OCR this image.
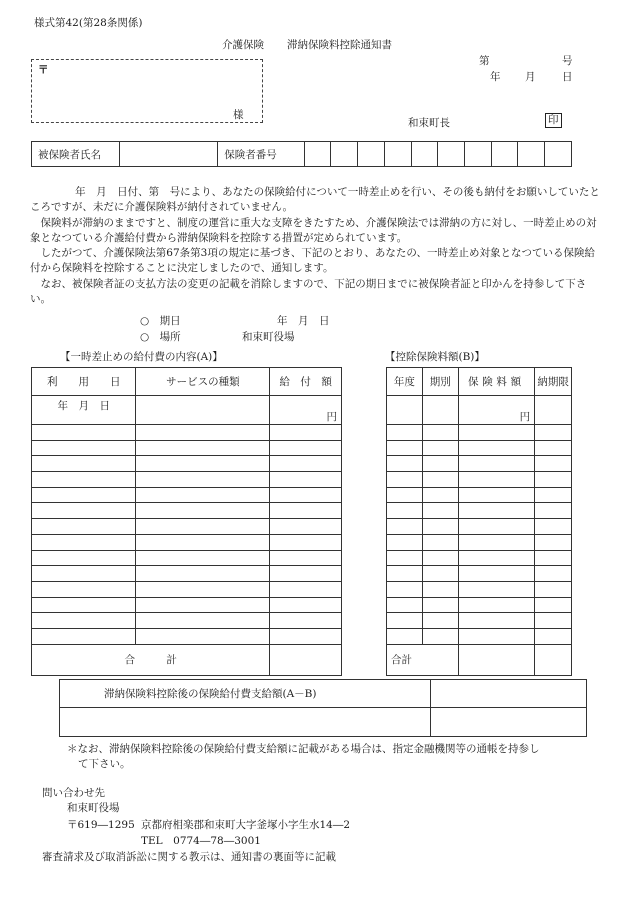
様式第42(第28条関係)
介護保険 滞納保険料控除通知書
第	号
年 月	日
〒
様
和束町長	印
被保険者氏名		保険者番号										

年　月　日付、第　号により、あなたの保険給付について一時差止めを行い、その後も納付をお願いしていたところですが、未だに介護保険料が納付されていません。

保険料が滞納のままですと、制度の運営に重大な支障をきたすため、介護保険法では滞納の方に対し、一時差止めの対象となつている介護給付費から滞納保険料を控除する措置が定められています。

したがつて、介護保険法第67条第3項の規定に基づき、下記のとおり、あなたの、一時差止め対象となつている保険給付から保険料を控除することに決定しましたので、通知します。

なお、被保険者証の支払方法の変更の記載を消除しますので、下記の期日までに被保険者証と印かんを持参して下さい。

○　期日	年　月　日
○　場所	和束町役場
【一時差止めの給付費の内容(A)】
利　　用　　日	サービスの種類	給　付　額
年　月　日		円

合　　　計		
【控除保険料額(B)】
年度	期別	保険料額	納期限
		円	

合計			
滞納保険料控除後の保険給付費支給額(A－B)	

＊なお、滞納保険料控除後の保険給付費支給額に記載がある場合は、指定金融機関等の通帳を持参し
て下さい。
問い合わせ先
和束町役場
〒619―1295 京都府相楽郡和束町大字釜塚小字生水14―2
TEL　0774―78―3001
審査請求及び取消訴訟に関する教示は、通知書の裏面等に記載
